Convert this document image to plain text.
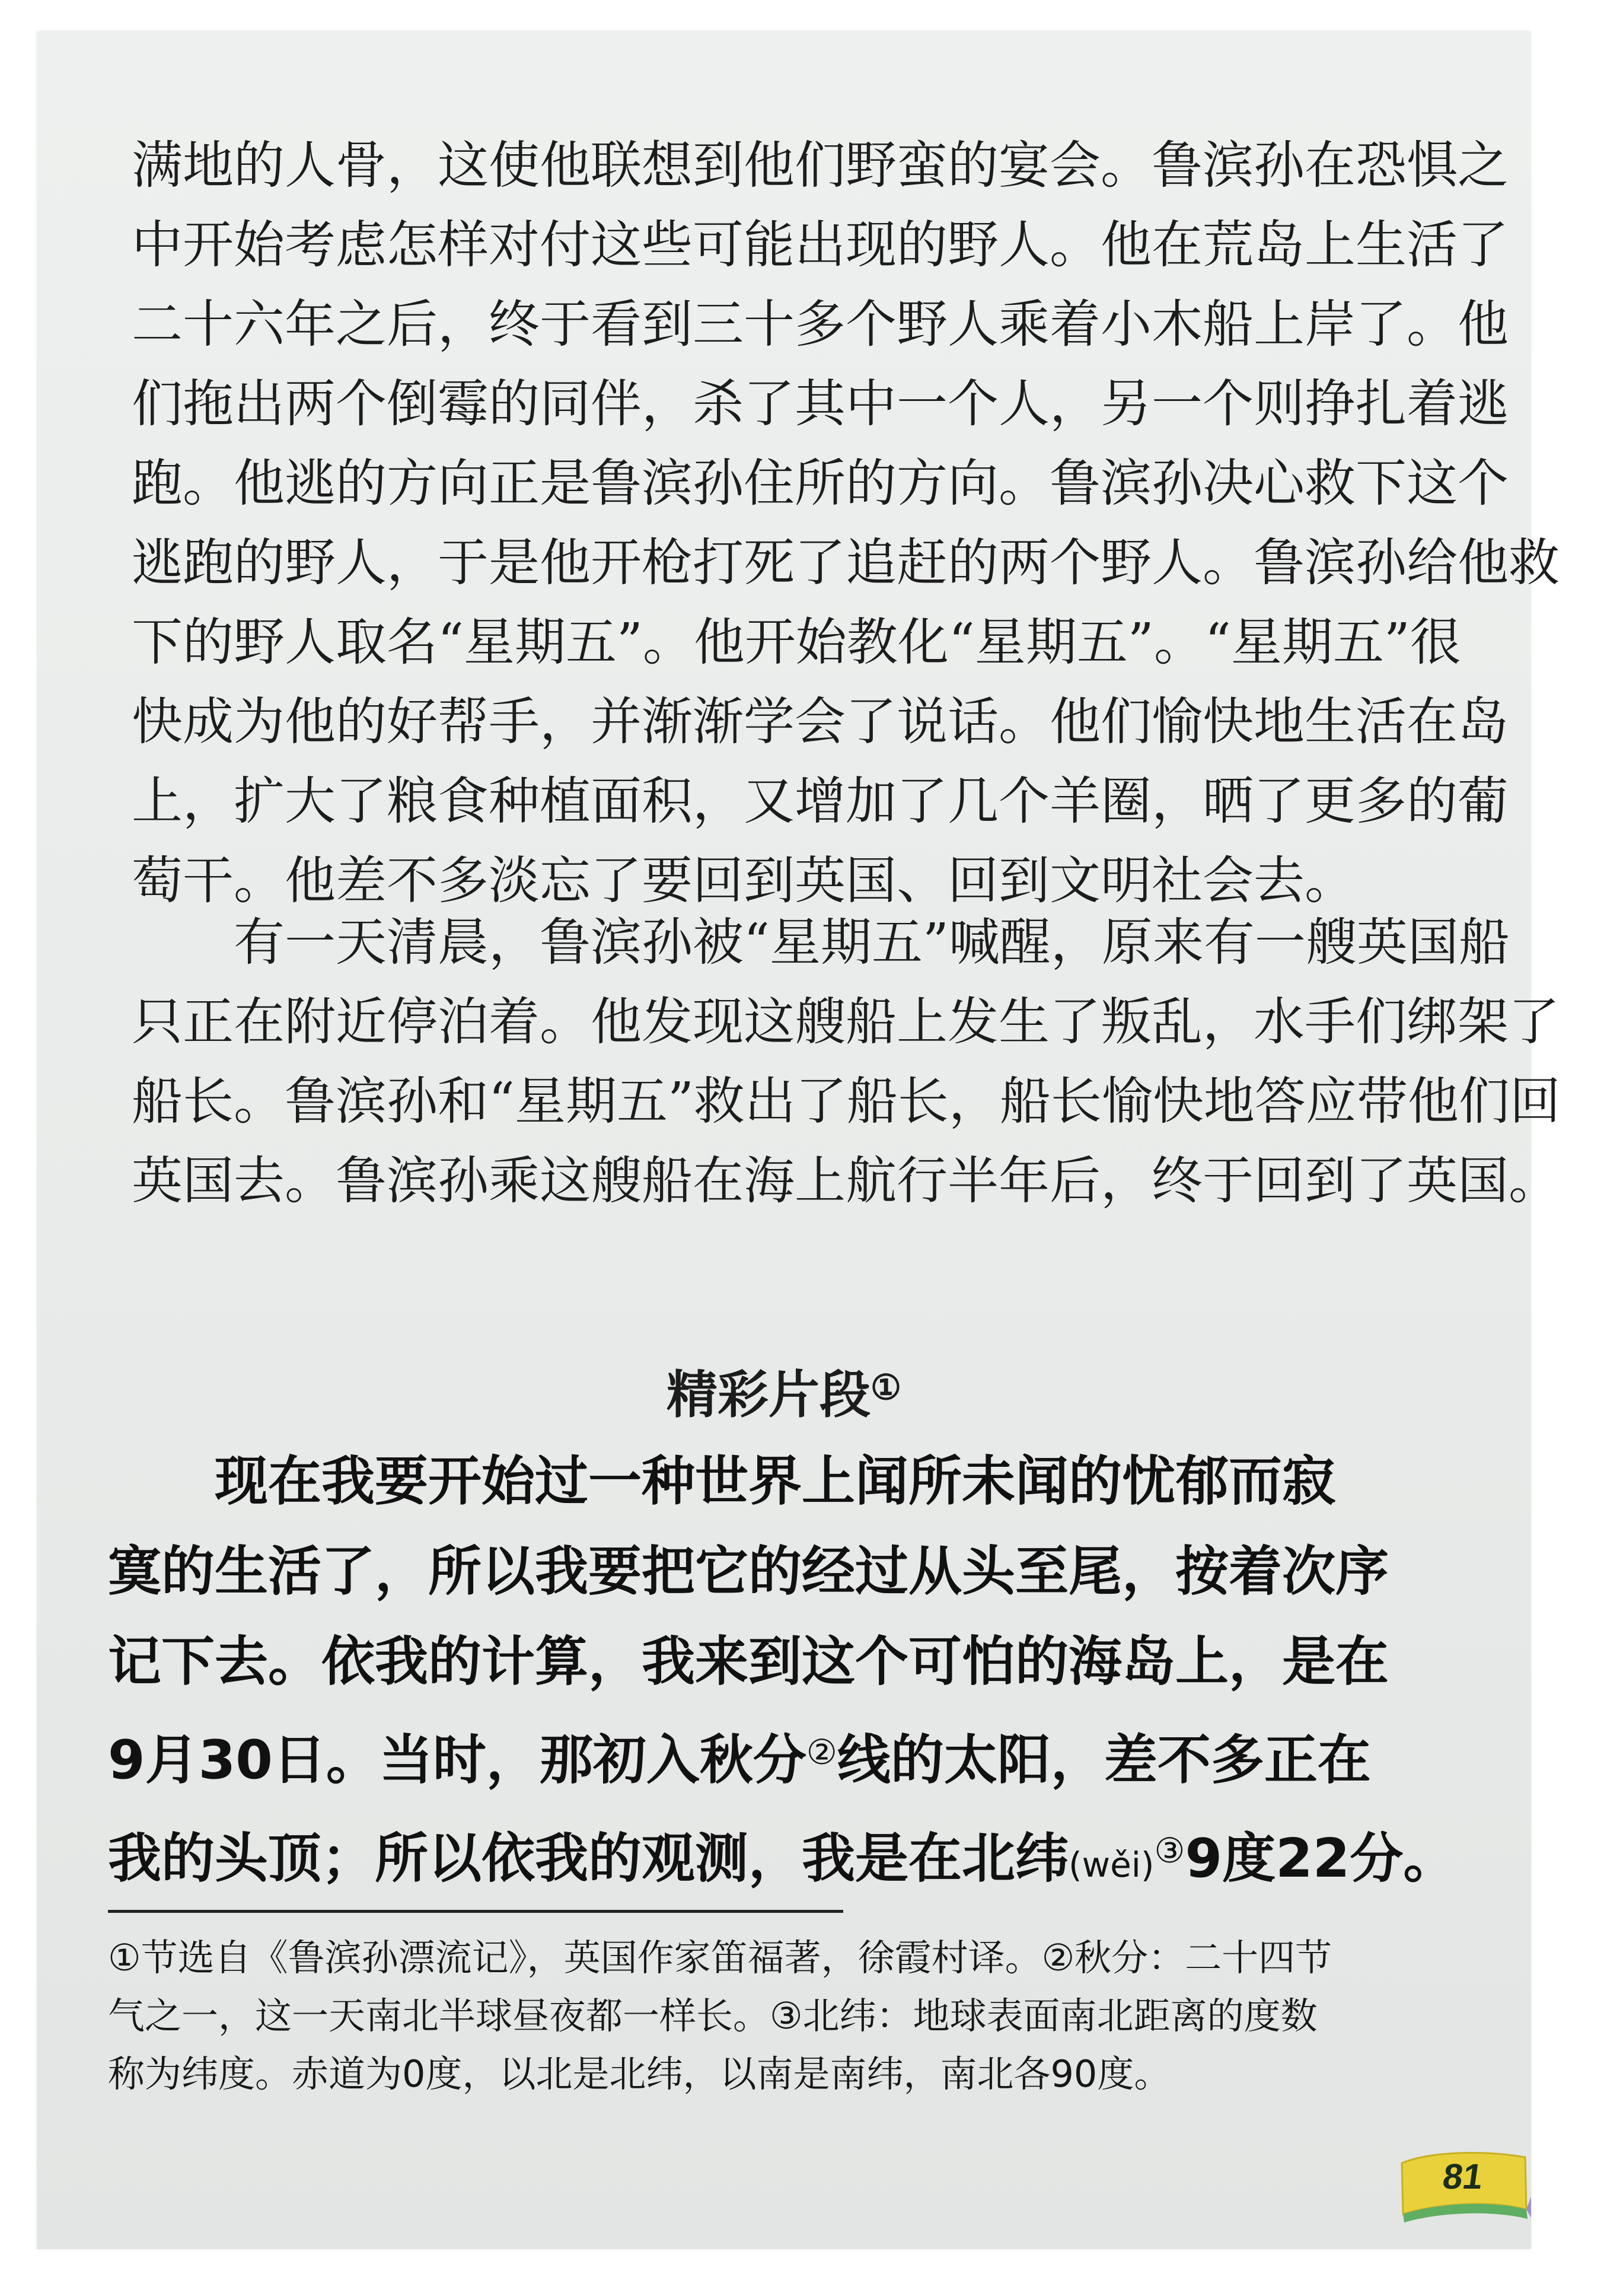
满地的人骨，这使他联想到他们野蛮的宴会。鲁滨孙在恐惧之
中开始考虑怎样对付这些可能出现的野人。他在荒岛上生活了
二十六年之后，终于看到三十多个野人乘着小木船上岸了。他
们拖出两个倒霉的同伴，杀了其中一个人，另一个则挣扎着逃
跑。他逃的方向正是鲁滨孙住所的方向。鲁滨孙决心救下这个
逃跑的野人，于是他开枪打死了追赶的两个野人。鲁滨孙给他救
下的野人取名“星期五”。他开始教化“星期五”。“星期五”很
快成为他的好帮手，并渐渐学会了说话。他们愉快地生活在岛
上，扩大了粮食种植面积，又增加了几个羊圈，晒了更多的葡
萄干。他差不多淡忘了要回到英国、回到文明社会去。
　　有一天清晨，鲁滨孙被“星期五”喊醒，原来有一艘英国船
只正在附近停泊着。他发现这艘船上发生了叛乱，水手们绑架了
船长。鲁滨孙和“星期五”救出了船长，船长愉快地答应带他们回
英国去。鲁滨孙乘这艘船在海上航行半年后，终于回到了英国。
精彩片段①
　　现在我要开始过一种世界上闻所未闻的忧郁而寂
寞的生活了，所以我要把它的经过从头至尾，按着次序
记下去。依我的计算，我来到这个可怕的海岛上，是在
9月30日。当时，那初入秋分②线的太阳，差不多正在
我的头顶；所以依我的观测，我是在北纬(wěi)③9度22分。
①节选自《鲁滨孙漂流记》，英国作家笛福著，徐霞村译。②秋分：二十四节
气之一，这一天南北半球昼夜都一样长。③北纬：地球表面南北距离的度数
称为纬度。赤道为0度，以北是北纬，以南是南纬，南北各90度。
81
